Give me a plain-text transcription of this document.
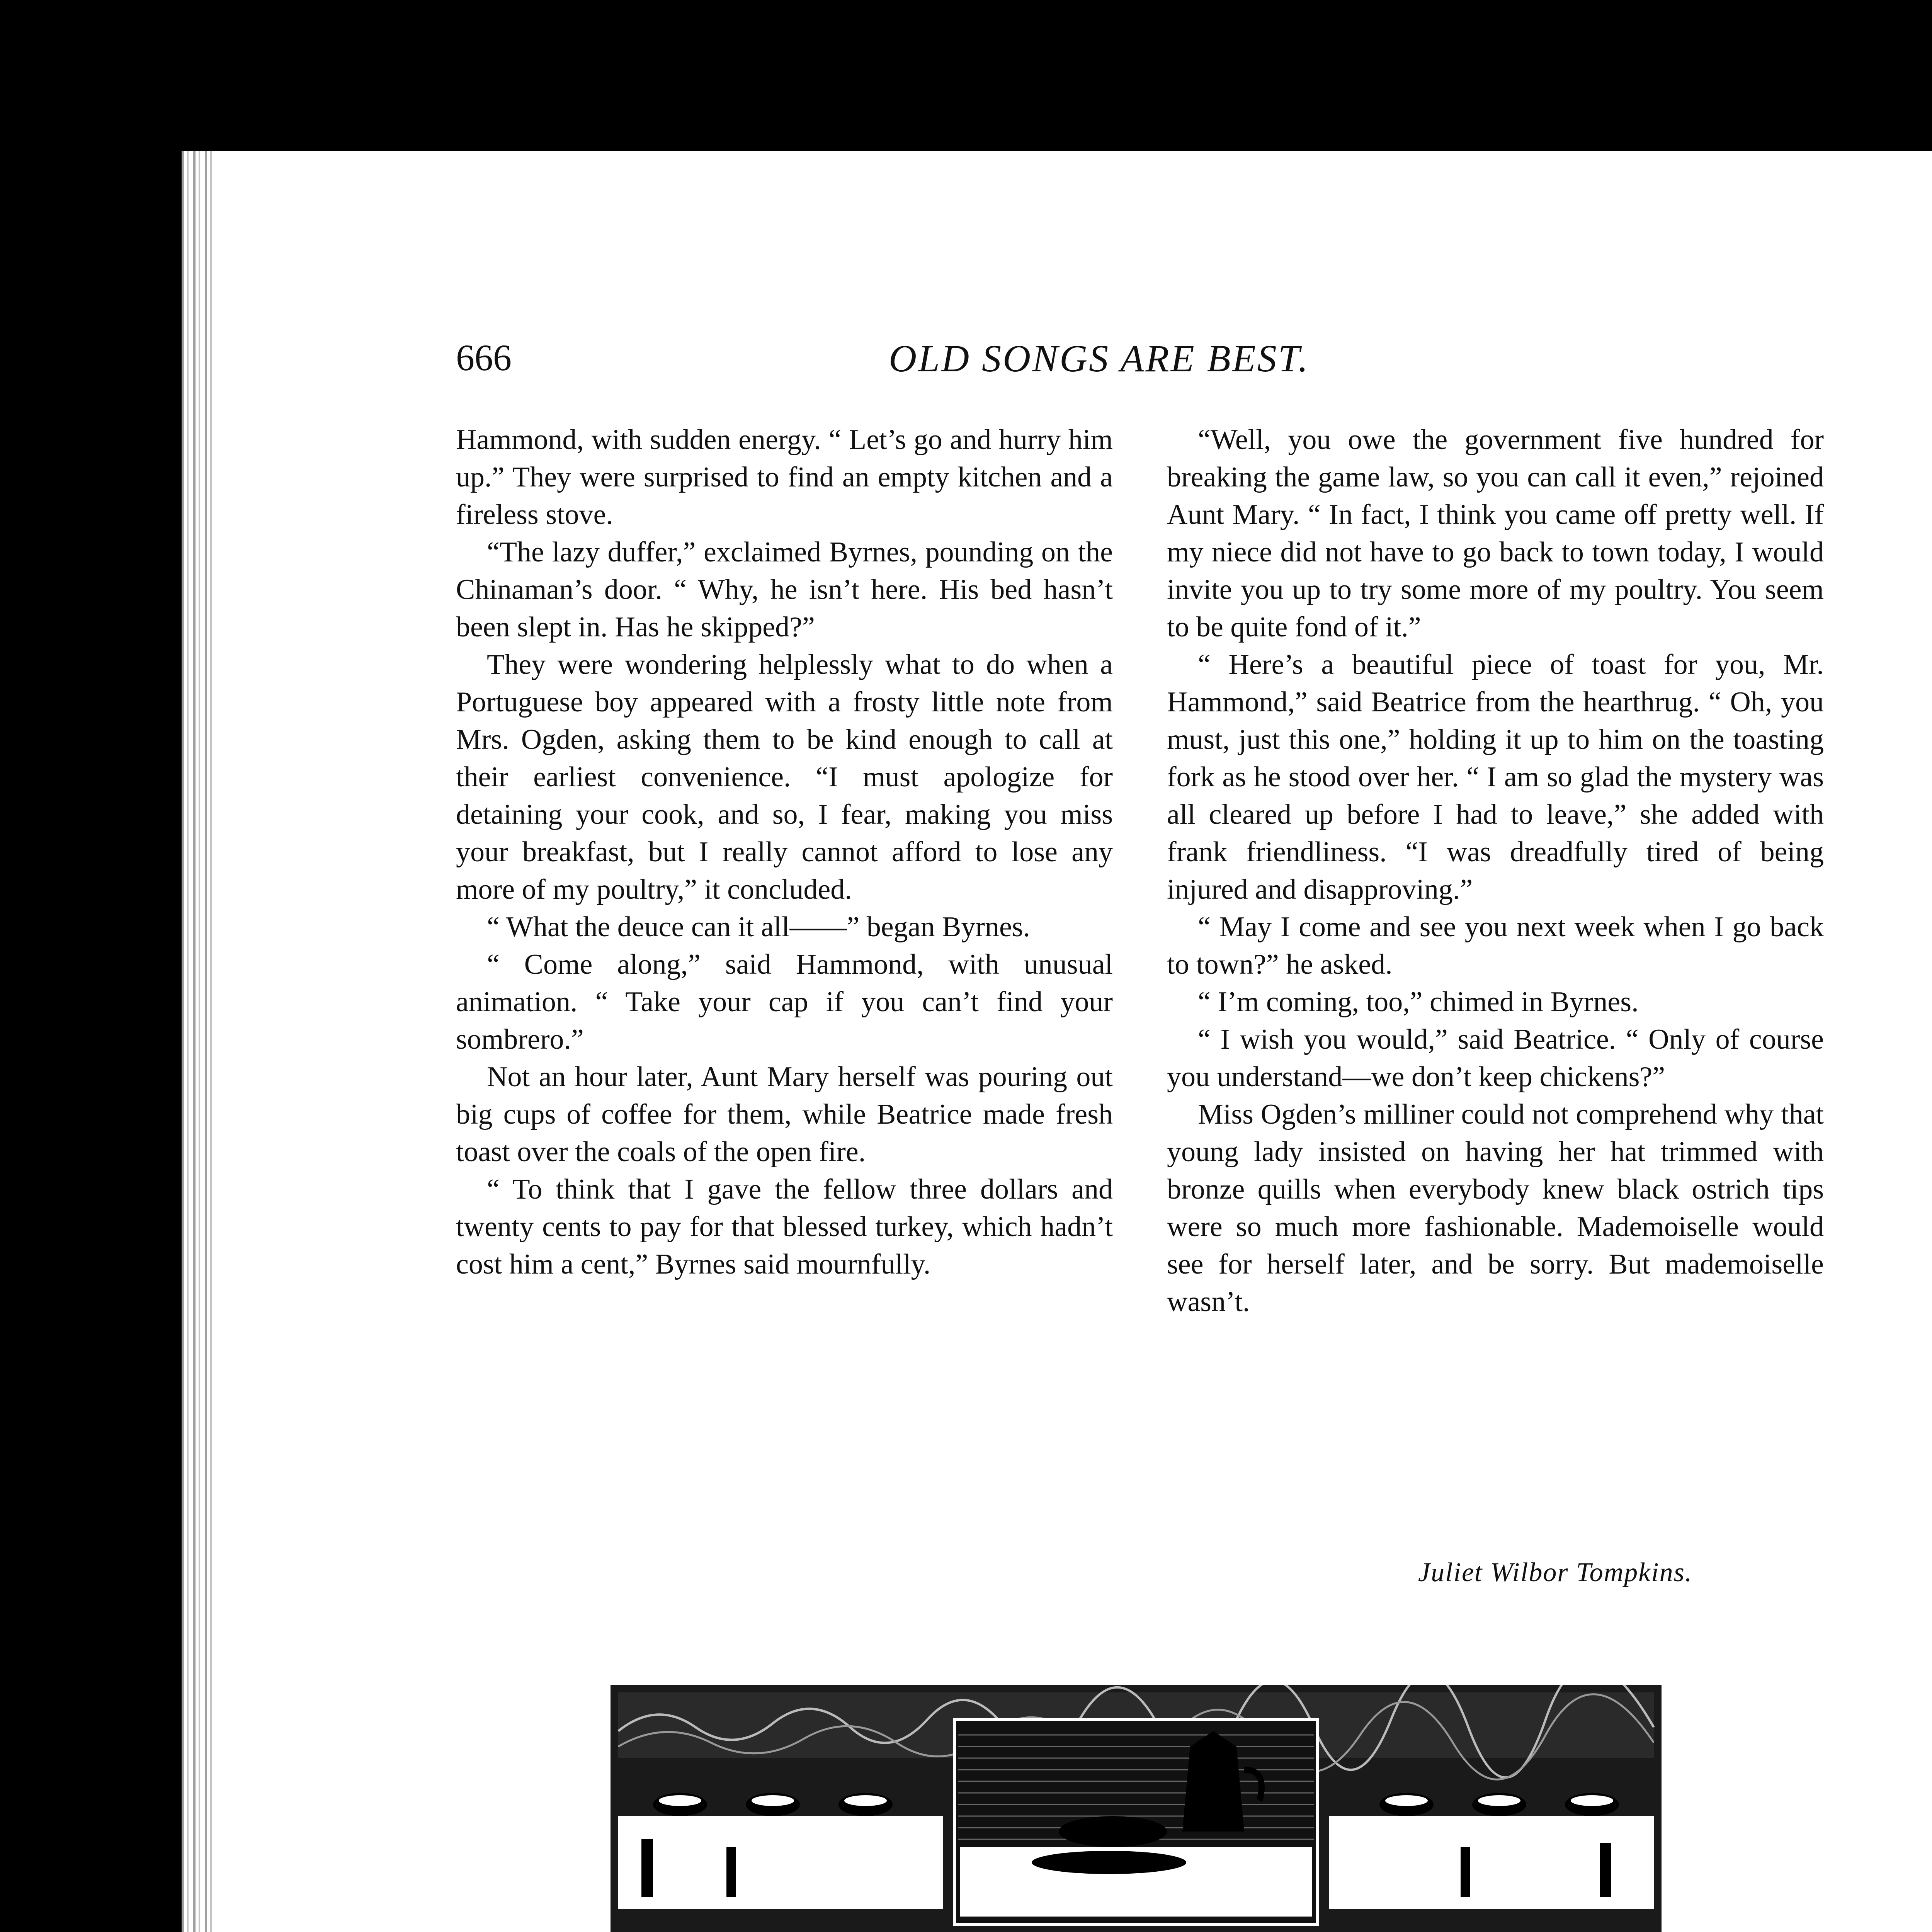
666	OLD SONGS ARE BEST.

Hammond, with sudden energy. “ Let’s go and hurry him up.” They were surprised to find an empty kitchen and a fireless stove.

“The lazy duffer,” exclaimed Byrnes, pounding on the Chinaman’s door. “ Why, he isn’t here. His bed hasn’t been slept in. Has he skipped?”

They were wondering helplessly what to do when a Portuguese boy appeared with a frosty little note from Mrs. Ogden, asking them to be kind enough to call at their earliest convenience. “I must apologize for detaining your cook, and so, I fear, making you miss your breakfast, but I really cannot afford to lose any more of my poultry,” it concluded.

“ What the deuce can it all——” began Byrnes.

“ Come along,” said Hammond, with unusual animation. “ Take your cap if you can’t find your sombrero.”

Not an hour later, Aunt Mary herself was pouring out big cups of coffee for them, while Beatrice made fresh toast over the coals of the open fire.

“ To think that I gave the fellow three dollars and twenty cents to pay for that blessed turkey, which hadn’t cost him a cent,” Byrnes said mournfully.

“Well, you owe the government five hundred for breaking the game law, so you can call it even,” rejoined Aunt Mary. “ In fact, I think you came off pretty well. If my niece did not have to go back to town today, I would invite you up to try some more of my poultry. You seem to be quite fond of it.”

“ Here’s a beautiful piece of toast for you, Mr. Hammond,” said Beatrice from the hearthrug. “ Oh, you must, just this one,” holding it up to him on the toasting fork as he stood over her. “ I am so glad the mystery was all cleared up before I had to leave,” she added with frank friendliness. “I was dreadfully tired of being injured and disapproving.”

“ May I come and see you next week when I go back to town?” he asked.

“ I’m coming, too,” chimed in Byrnes.

“ I wish you would,” said Beatrice. “ Only of course you understand—we don’t keep chickens?”

Miss Ogden’s milliner could not comprehend why that young lady insisted on having her hat trimmed with bronze quills when everybody knew black ostrich tips were so much more fashionable. Mademoiselle would see for herself later, and be sorry. But mademoiselle wasn’t.

Juliet Wilbor Tompkins.
